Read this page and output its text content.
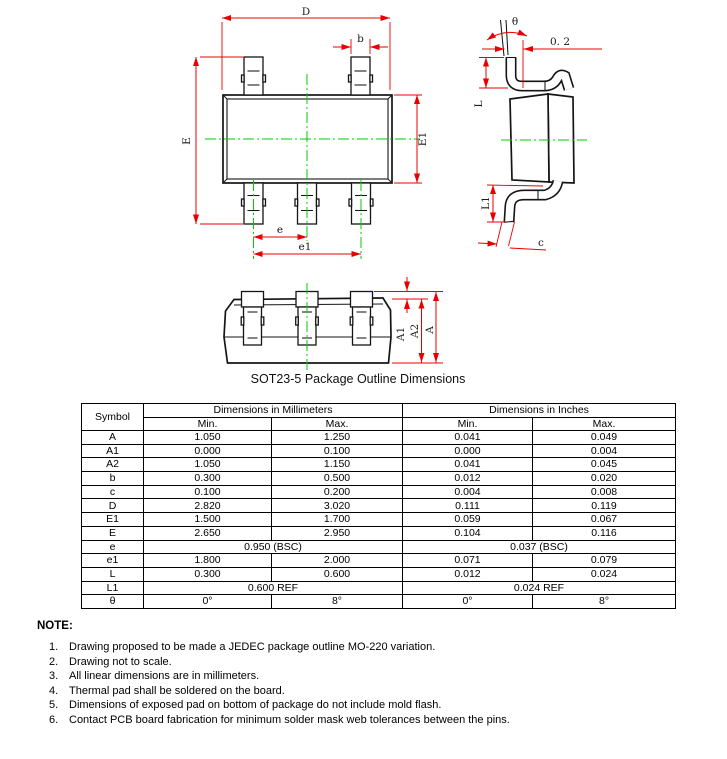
D
b
E	E1
e
e1
θ
0. 2
L
L1
c
A1 A2 A
SOT23-5 Package Outline Dimensions
Symbol	Dimensions in Millimeters		Dimensions in Inches	
	Min.	Max.	Min.	Max.
A	1.050	1.250	0.041	0.049
A1	0.000	0.100	0.000	0.004
A2	1.050	1.150	0.041	0.045
b	0.300	0.500	0.012	0.020
c	0.100	0.200	0.004	0.008
D	2.820	3.020	0.111	0.119
E1	1.500	1.700	0.059	0.067
E	2.650	2.950	0.104	0.116
e	0.950 (BSC)		0.037 (BSC)	
e1	1.800	2.000	0.071	0.079
L	0.300	0.600	0.012	0.024
L1	0.600 REF		0.024 REF	
θ	0°	8°	0°	8°
NOTE:
1. Drawing proposed to be made a JEDEC package outline MO-220 variation.
2. Drawing not to scale.
3. All linear dimensions are in millimeters.
4. Thermal pad shall be soldered on the board.
5. Dimensions of exposed pad on bottom of package do not include mold flash.
6. Contact PCB board fabrication for minimum solder mask web tolerances between the pins.
